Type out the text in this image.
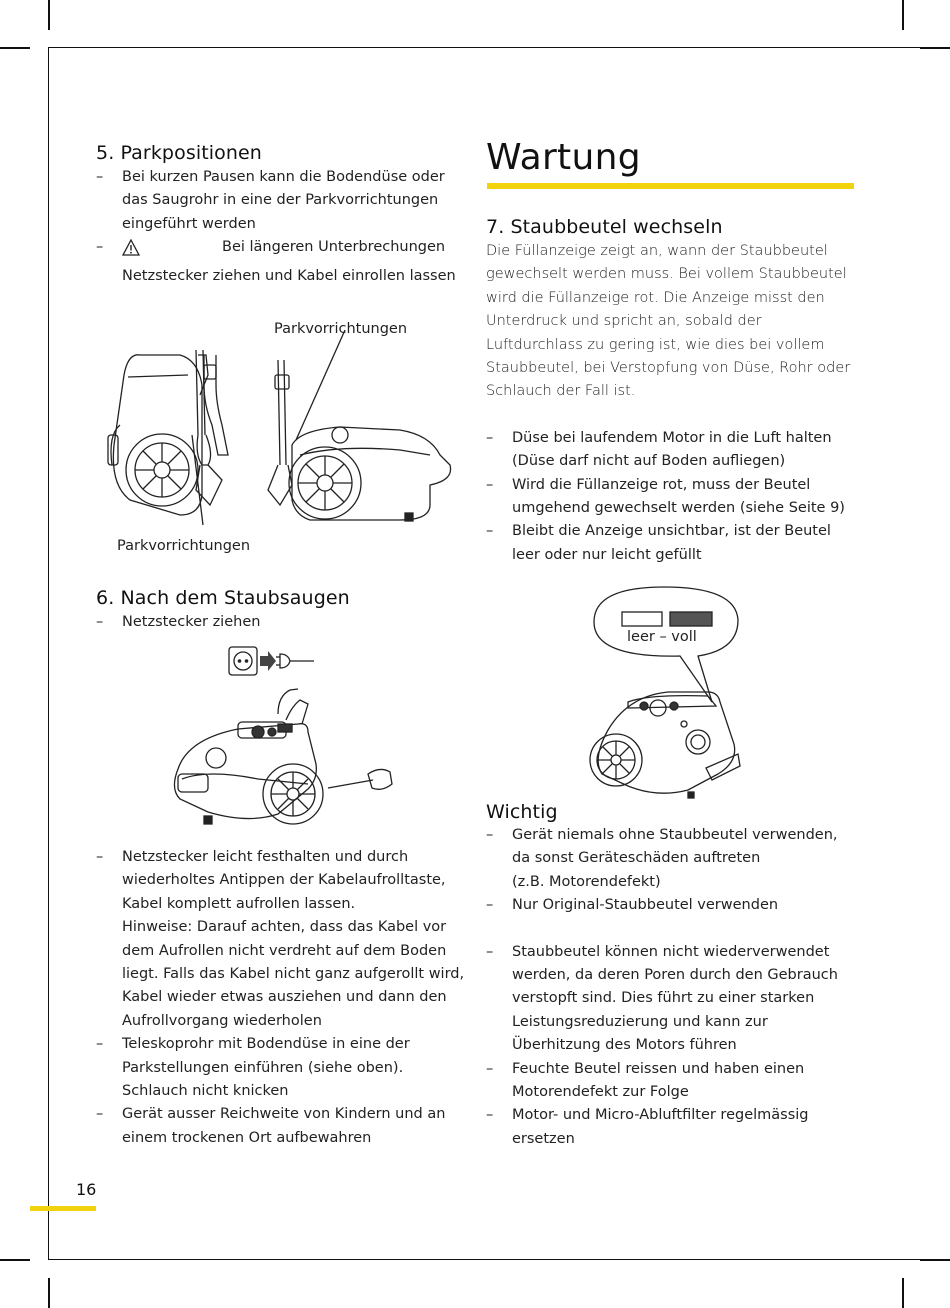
5. Parkpositionen
– Bei kurzen Pausen kann die Bodendüse oder das Saugrohr in eine der Parkvorrichtungen eingeführt werden
– Bei längeren Unterbrechungen Netzstecker ziehen und Kabel einrollen lassen
Parkvorrichtungen
Parkvorrichtungen
6. Nach dem Staubsaugen
– Netzstecker ziehen
– Netzstecker leicht festhalten und durch wiederholtes Antippen der Kabelaufrolltaste, Kabel komplett aufrollen lassen.
Hinweise: Darauf achten, dass das Kabel vor dem Aufrollen nicht verdreht auf dem Boden liegt. Falls das Kabel nicht ganz aufgerollt wird, Kabel wieder etwas ausziehen und dann den Aufrollvorgang wiederholen
– Teleskoprohr mit Bodendüse in eine der Parkstellungen einführen (siehe oben). Schlauch nicht knicken
– Gerät ausser Reichweite von Kindern und an einem trockenen Ort aufbewahren
Wartung
7. Staubbeutel wechseln

Die Füllanzeige zeigt an, wann der Staubbeutel gewechselt werden muss. Bei vollem Staubbeutel wird die Füllanzeige rot. Die Anzeige misst den Unterdruck und spricht an, sobald der Luftdurchlass zu gering ist, wie dies bei vollem Staubbeutel, bei Verstopfung von Düse, Rohr oder Schlauch der Fall ist.

– Düse bei laufendem Motor in die Luft halten (Düse darf nicht auf Boden aufliegen)
– Wird die Füllanzeige rot, muss der Beutel umgehend gewechselt werden (siehe Seite 9)
– Bleibt die Anzeige unsichtbar, ist der Beutel leer oder nur leicht gefüllt
leer – voll
Wichtig
– Gerät niemals ohne Staubbeutel verwenden, da sonst Geräteschäden auftreten
(z.B. Motorendefekt)
– Nur Original-Staubbeutel verwenden
– Staubbeutel können nicht wiederverwendet werden, da deren Poren durch den Gebrauch verstopft sind. Dies führt zu einer starken Leistungsreduzierung und kann zur Überhitzung des Motors führen
– Feuchte Beutel reissen und haben einen Motorendefekt zur Folge
– Motor- und Micro-Abluftfilter regelmässig ersetzen
16
